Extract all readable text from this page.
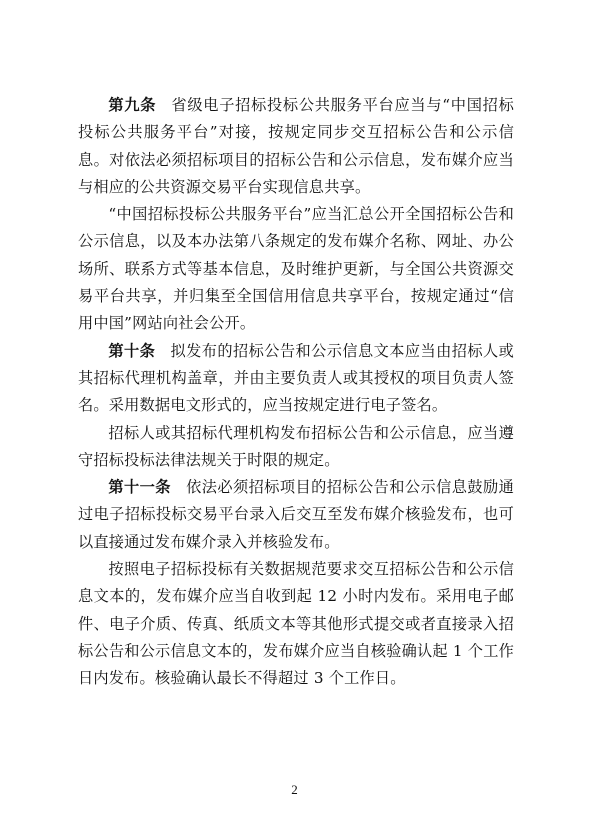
第九条 省级电子招标投标公共服务平台应当与“中国招标投标公共服务平台”对接，按规定同步交互招标公告和公示信息。对依法必须招标项目的招标公告和公示信息，发布媒介应当与相应的公共资源交易平台实现信息共享。

“中国招标投标公共服务平台”应当汇总公开全国招标公告和公示信息，以及本办法第八条规定的发布媒介名称、网址、办公场所、联系方式等基本信息，及时维护更新，与全国公共资源交易平台共享，并归集至全国信用信息共享平台，按规定通过“信用中国”网站向社会公开。

第十条 拟发布的招标公告和公示信息文本应当由招标人或其招标代理机构盖章，并由主要负责人或其授权的项目负责人签名。采用数据电文形式的，应当按规定进行电子签名。

招标人或其招标代理机构发布招标公告和公示信息，应当遵守招标投标法律法规关于时限的规定。

第十一条 依法必须招标项目的招标公告和公示信息鼓励通过电子招标投标交易平台录入后交互至发布媒介核验发布，也可以直接通过发布媒介录入并核验发布。

按照电子招标投标有关数据规范要求交互招标公告和公示信息文本的，发布媒介应当自收到起 12 小时内发布。采用电子邮件、电子介质、传真、纸质文本等其他形式提交或者直接录入招标公告和公示信息文本的，发布媒介应当自核验确认起 1 个工作日内发布。核验确认最长不得超过 3 个工作日。

2
